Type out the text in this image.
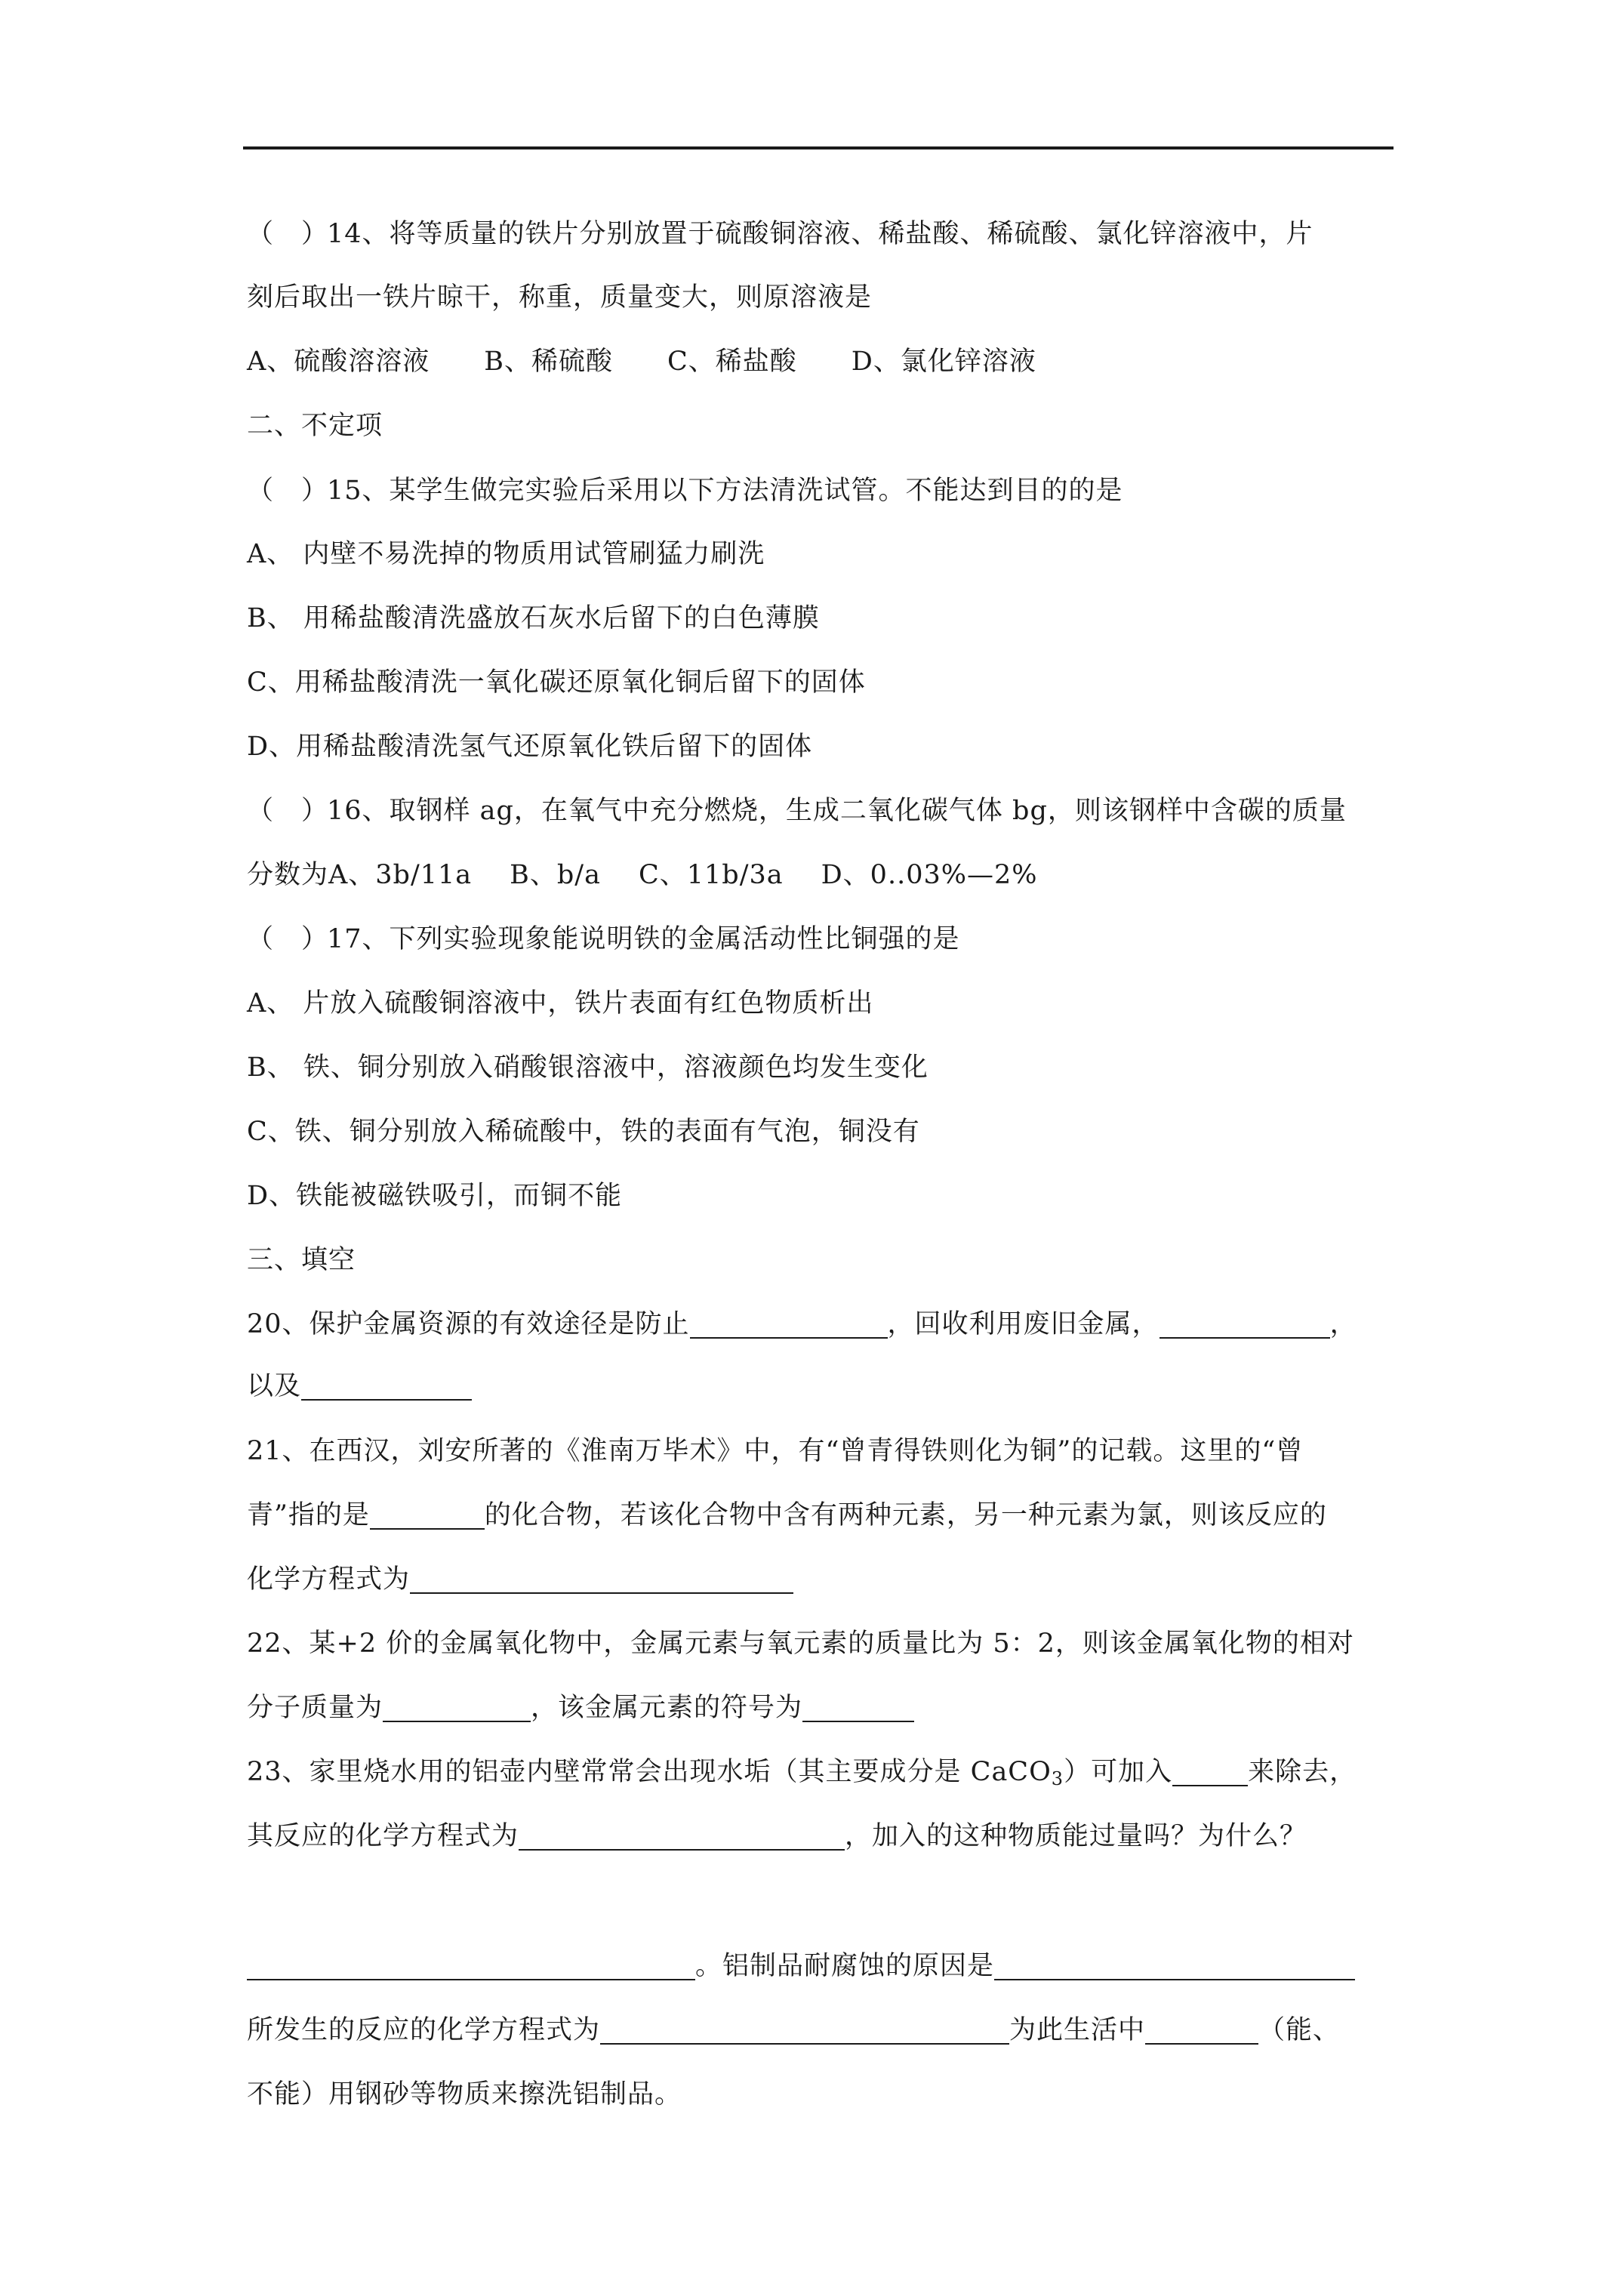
（　）14、将等质量的铁片分别放置于硫酸铜溶液、稀盐酸、稀硫酸、氯化锌溶液中，片
刻后取出一铁片晾干，称重，质量变大，则原溶液是
A、硫酸溶溶液 B、稀硫酸 C、稀盐酸 D、氯化锌溶液
二、不定项
（　）15、某学生做完实验后采用以下方法清洗试管。不能达到目的的是
A、 内壁不易洗掉的物质用试管刷猛力刷洗
B、 用稀盐酸清洗盛放石灰水后留下的白色薄膜
C、用稀盐酸清洗一氧化碳还原氧化铜后留下的固体
D、用稀盐酸清洗氢气还原氧化铁后留下的固体
（　）16、取钢样 ag，在氧气中充分燃烧，生成二氧化碳气体 bg，则该钢样中含碳的质量
分数为A、3b/11a B、b/a C、11b/3a D、0..03%—2%
（　）17、下列实验现象能说明铁的金属活动性比铜强的是
A、 片放入硫酸铜溶液中，铁片表面有红色物质析出
B、 铁、铜分别放入硝酸银溶液中，溶液颜色均发生变化
C、铁、铜分别放入稀硫酸中，铁的表面有气泡，铜没有
D、铁能被磁铁吸引，而铜不能
三、填空
20、保护金属资源的有效途径是防止	，回收利用废旧金属，	，
以及
21、在西汉，刘安所著的《淮南万毕术》中，有“曾青得铁则化为铜”的记载。这里的“曾
青”指的是	的化合物，若该化合物中含有两种元素，另一种元素为氯，则该反应的
化学方程式为
22、某+2 价的金属氧化物中，金属元素与氧元素的质量比为 5：2，则该金属氧化物的相对
分子质量为	，该金属元素的符号为
23、家里烧水用的铝壶内壁常常会出现水垢（其主要成分是 CaCO$_3$）可加入	来除去，
其反应的化学方程式为	，加入的这种物质能过量吗？为什么？
。铝制品耐腐蚀的原因是
所发生的反应的化学方程式为	为此生活中	（能、
不能）用钢砂等物质来擦洗铝制品。
